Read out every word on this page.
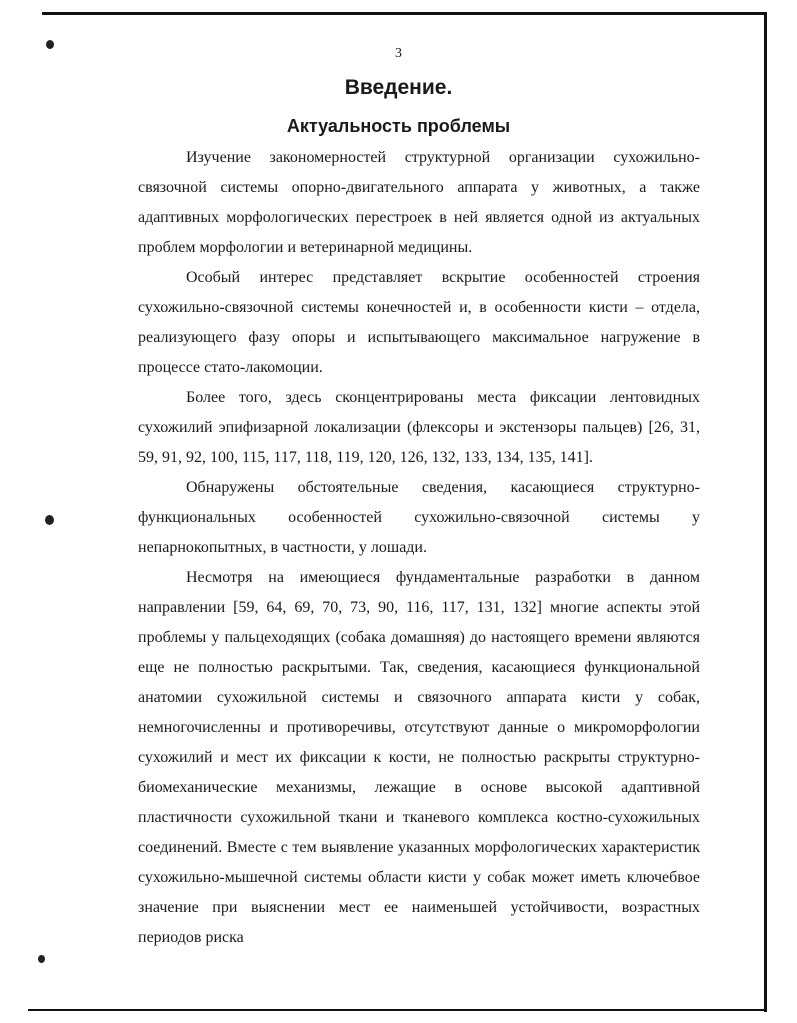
3
Введение.
Актуальность проблемы

Изучение закономерностей структурной организации сухожильно-связочной системы опорно-двигательного аппарата у животных, а также адаптивных морфологических перестроек в ней является одной из актуальных проблем морфологии и ветеринарной медицины.

Особый интерес представляет вскрытие особенностей строения сухожильно-связочной системы конечностей и, в особенности кисти – отдела, реализующего фазу опоры и испытывающего максимальное нагружение в процессе стато-лакомоции.

Более того, здесь сконцентрированы места фиксации лентовидных сухожилий эпифизарной локализации (флексоры и экстензоры пальцев) [26, 31, 59, 91, 92, 100, 115, 117, 118, 119, 120, 126, 132, 133, 134, 135, 141].

Обнаружены обстоятельные сведения, касающиеся структурно-функциональных особенностей сухожильно-связочной системы у непарнокопытных, в частности, у лошади.

Несмотря на имеющиеся фундаментальные разработки в данном направлении [59, 64, 69, 70, 73, 90, 116, 117, 131, 132] многие аспекты этой проблемы у пальцеходящих (собака домашняя) до настоящего времени являются еще не полностью раскрытыми. Так, сведения, касающиеся функциональной анатомии сухожильной системы и связочного аппарата кисти у собак, немногочисленны и противоречивы, отсутствуют данные о микроморфологии сухожилий и мест их фиксации к кости, не полностью раскрыты структурно-биомеханические механизмы, лежащие в основе высокой адаптивной пластичности сухожильной ткани и тканевого комплекса костно-сухожильных соединений. Вместе с тем выявление указанных морфологических характеристик сухожильно-мышечной системы области кисти у собак может иметь ключебвое значение при выяснении мест ее наименьшей устойчивости, возрастных периодов риска
